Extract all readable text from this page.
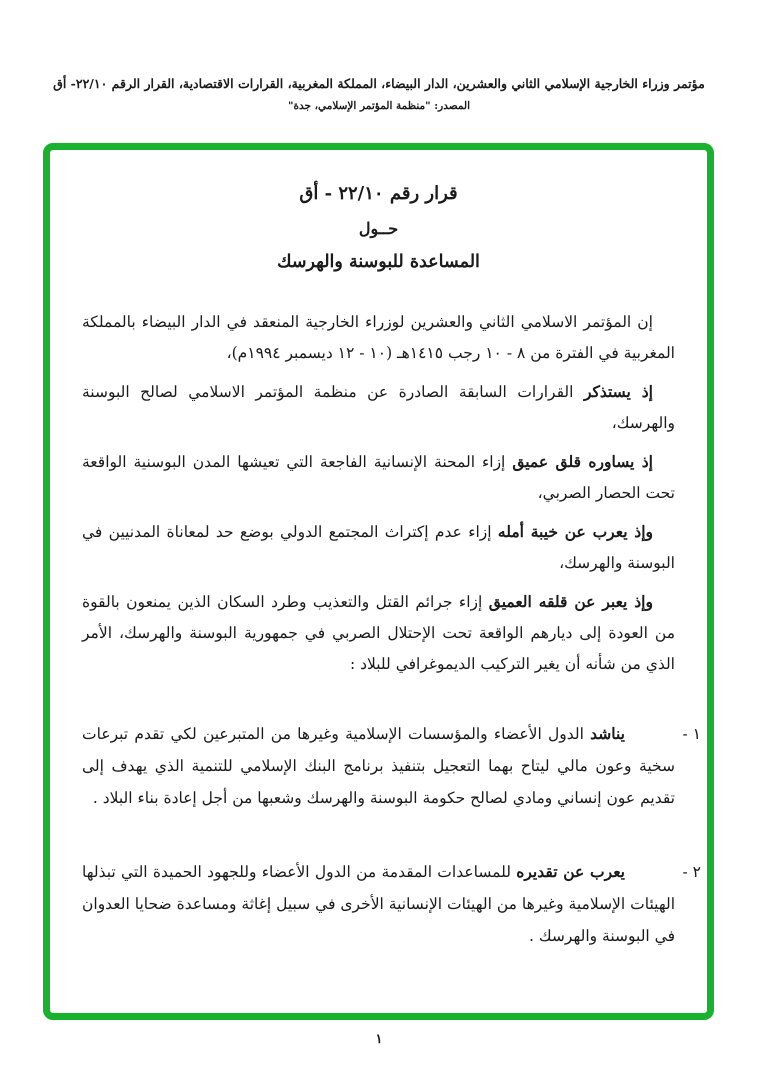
مؤتمر وزراء الخارجية الإسلامي الثاني والعشرين، الدار البيضاء، المملكة المغربية، القرارات الاقتصادية، القرار الرقم ٢٢/١٠- أق
المصدر: "منظمة المؤتمر الإسلامي، جدة"
قرار رقم ٢٢/١٠ - أق
حــول
المساعدة للبوسنة والهرسك

إن المؤتمر الاسلامي الثاني والعشرين لوزراء الخارجية المنعقد في الدار البيضاء بالمملكة المغربية في الفترة من ٨ - ١٠ رجب ١٤١٥هـ (١٠ - ١٢ ديسمبر ١٩٩٤م)،

إذ يستذكر القرارات السابقة الصادرة عن منظمة المؤتمر الاسلامي لصالح البوسنة والهرسك،

إذ يساوره قلق عميق إزاء المحنة الإنسانية الفاجعة التي تعيشها المدن البوسنية الواقعة تحت الحصار الصربي،

وإذ يعرب عن خيبة أمله إزاء عدم إكتراث المجتمع الدولي بوضع حد لمعاناة المدنيين في البوسنة والهرسك،

وإذ يعبر عن قلقه العميق إزاء جرائم القتل والتعذيب وطرد السكان الذين يمنعون بالقوة من العودة إلى ديارهم الواقعة تحت الإحتلال الصربي في جمهورية البوسنة والهرسك، الأمر الذي من شأنه أن يغير التركيب الديموغرافي للبلاد :

١ -
يناشد الدول الأعضاء والمؤسسات الإسلامية وغيرها من المتبرعين لكي تقدم تبرعات سخية وعون مالي ليتاح بهما التعجيل بتنفيذ برنامج البنك الإسلامي للتنمية الذي يهدف إلى تقديم عون إنساني ومادي لصالح حكومة البوسنة والهرسك وشعبها من أجل إعادة بناء البلاد .
٢ -
يعرب عن تقديره للمساعدات المقدمة من الدول الأعضاء وللجهود الحميدة التي تبذلها الهيئات الإسلامية وغيرها من الهيئات الإنسانية الأخرى في سبيل إغاثة ومساعدة ضحايا العدوان في البوسنة والهرسك .
١
